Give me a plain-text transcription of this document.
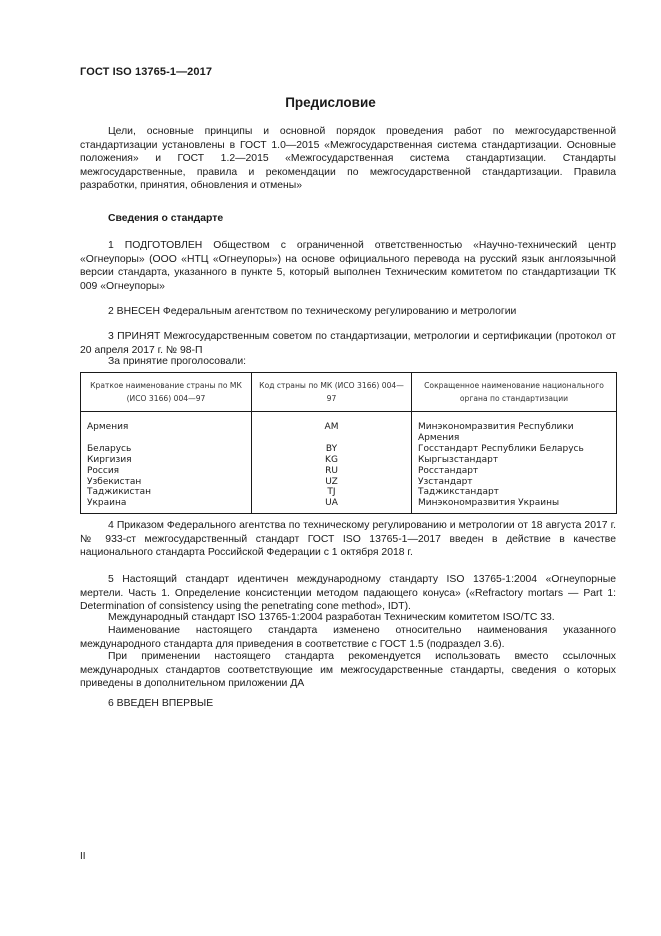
ГОСТ ISO 13765-1—2017
Предисловие

Цели, основные принципы и основной порядок проведения работ по межгосударственной стандартизации установлены в ГОСТ 1.0—2015 «Межгосударственная система стандартизации. Основные положения» и ГОСТ 1.2—2015 «Межгосударственная система стандартизации. Стандарты межгосударственные, правила и рекомендации по межгосударственной стандартизации. Правила разработки, принятия, обновления и отмены»

Сведения о стандарте

1 ПОДГОТОВЛЕН Обществом с ограниченной ответственностью «Научно-технический центр «Огнеупоры» (ООО «НТЦ «Огнеупоры») на основе официального перевода на русский язык англоязычной версии стандарта, указанного в пункте 5, который выполнен Техническим комитетом по стандартизации ТК 009 «Огнеупоры»

2 ВНЕСЕН Федеральным агентством по техническому регулированию и метрологии

3 ПРИНЯТ Межгосударственным советом по стандартизации, метрологии и сертификации (протокол от 20 апреля 2017 г. № 98-П

За принятие проголосовали:
Краткое наименование страны по МК (ИСО 3166) 004—97	Код страны по МК (ИСО 3166) 004—97	Сокращенное наименование национального органа по стандартизации
Армения	AM	Минэкономразвития Республики Армения
Беларусь	BY	Госстандарт Республики Беларусь
Киргизия	KG	Кыргызстандарт
Россия	RU	Росстандарт
Узбекистан	UZ	Узстандарт
Таджикистан	TJ	Таджикстандарт
Украина	UA	Минэкономразвития Украины

4 Приказом Федерального агентства по техническому регулированию и метрологии от 18 августа 2017 г. № 933-ст межгосударственный стандарт ГОСТ ISO 13765-1—2017 введен в действие в качестве национального стандарта Российской Федерации с 1 октября 2018 г.

5 Настоящий стандарт идентичен международному стандарту ISO 13765-1:2004 «Огнеупорные мертели. Часть 1. Определение консистенции методом падающего конуса» («Refractory mortars — Part 1: Determination of consistency using the penetrating cone method», IDT).

Международный стандарт ISO 13765-1:2004 разработан Техническим комитетом ISO/TC 33.

Наименование настоящего стандарта изменено относительно наименования указанного международного стандарта для приведения в соответствие с ГОСТ 1.5 (подраздел 3.6).

При применении настоящего стандарта рекомендуется использовать вместо ссылочных международных стандартов соответствующие им межгосударственные стандарты, сведения о которых приведены в дополнительном приложении ДА

6 ВВЕДЕН ВПЕРВЫЕ

II
